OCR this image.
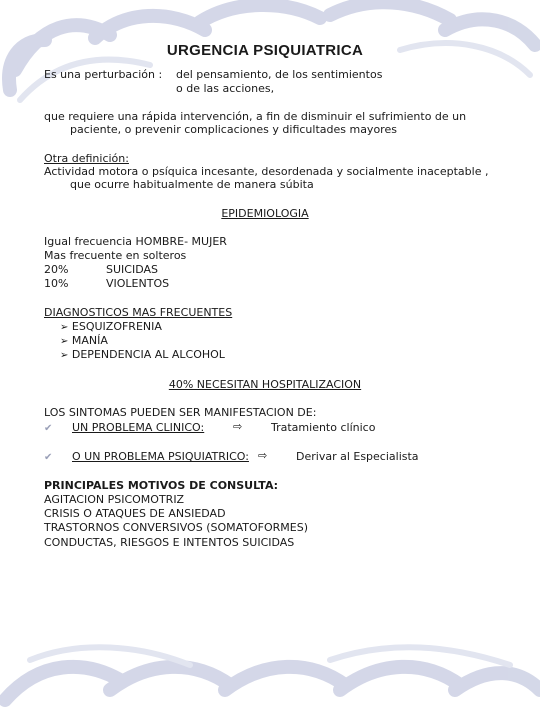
URGENCIA PSIQUIATRICA
Es una perturbación : del pensamiento, de los sentimientos
o de las acciones,
que requiere una rápida intervención, a fin de disminuir el sufrimiento de un
paciente, o prevenir complicaciones y dificultades mayores
Otra definición:
Actividad motora o psíquica incesante, desordenada y socialmente inaceptable ,
que ocurre habitualmente de manera súbita
EPIDEMIOLOGIA
Igual frecuencia HOMBRE- MUJER
Mas frecuente en solteros
20%	SUICIDAS
10%	VIOLENTOS
DIAGNOSTICOS MAS FRECUENTES
➢ ESQUIZOFRENIA
➢ MANÍA
➢ DEPENDENCIA AL ALCOHOL
40% NECESITAN HOSPITALIZACION
LOS SINTOMAS PUEDEN SER MANIFESTACION DE:
✔ UN PROBLEMA CLINICO:	⇨	Tratamiento clínico
✔ O UN PROBLEMA PSIQUIATRICO: ⇨	Derivar al Especialista
PRINCIPALES MOTIVOS DE CONSULTA:
AGITACION PSICOMOTRIZ
CRISIS O ATAQUES DE ANSIEDAD
TRASTORNOS CONVERSIVOS (SOMATOFORMES)
CONDUCTAS, RIESGOS E INTENTOS SUICIDAS
